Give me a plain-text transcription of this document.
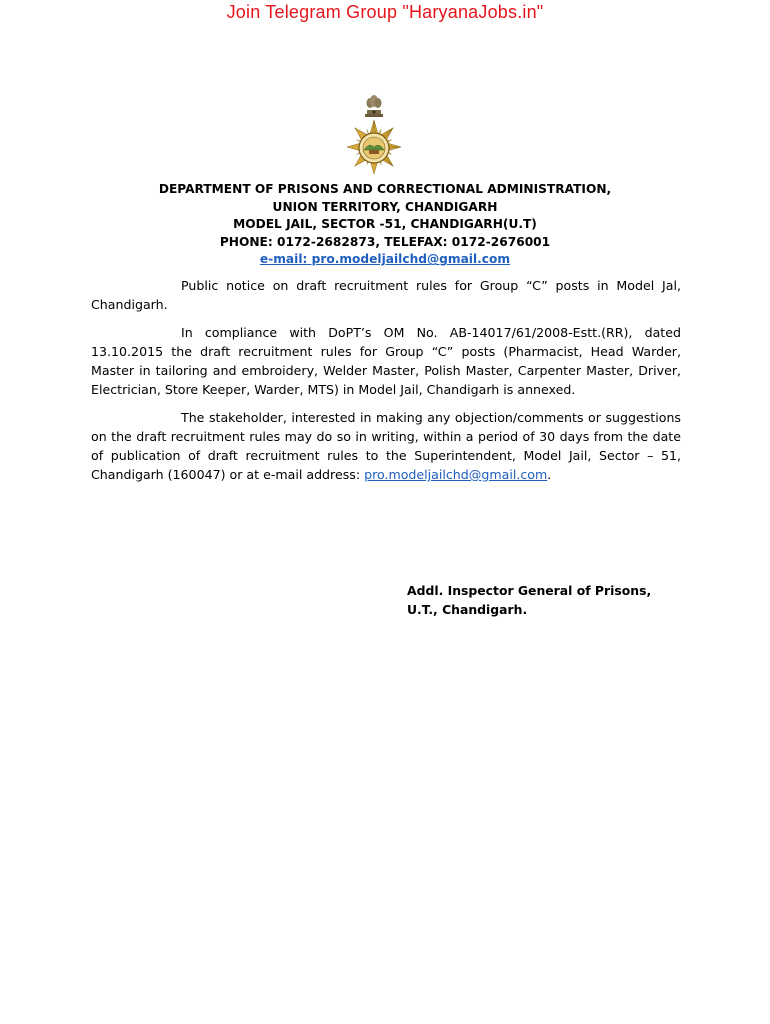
Join Telegram Group "HaryanaJobs.in"
DEPARTMENT OF PRISONS AND CORRECTIONAL ADMINISTRATION,
UNION TERRITORY, CHANDIGARH
MODEL JAIL, SECTOR -51, CHANDIGARH(U.T)
PHONE: 0172-2682873, TELEFAX: 0172-2676001
e-mail: pro.modeljailchd@gmail.com

Public notice on draft recruitment rules for Group “C” posts in Model Jal, Chandigarh.

In compliance with DoPT’s OM No. AB-14017/61/2008-Estt.(RR), dated 13.10.2015 the draft recruitment rules for Group “C” posts (Pharmacist, Head Warder, Master in tailoring and embroidery, Welder Master, Polish Master, Carpenter Master, Driver, Electrician, Store Keeper, Warder, MTS) in Model Jail, Chandigarh is annexed.

The stakeholder, interested in making any objection/comments or suggestions on the draft recruitment rules may do so in writing, within a period of 30 days from the date of publication of draft recruitment rules to the Superintendent, Model Jail, Sector – 51, Chandigarh (160047) or at e-mail address: pro.modeljailchd@gmail.com.

Addl. Inspector General of Prisons,
U.T., Chandigarh.
